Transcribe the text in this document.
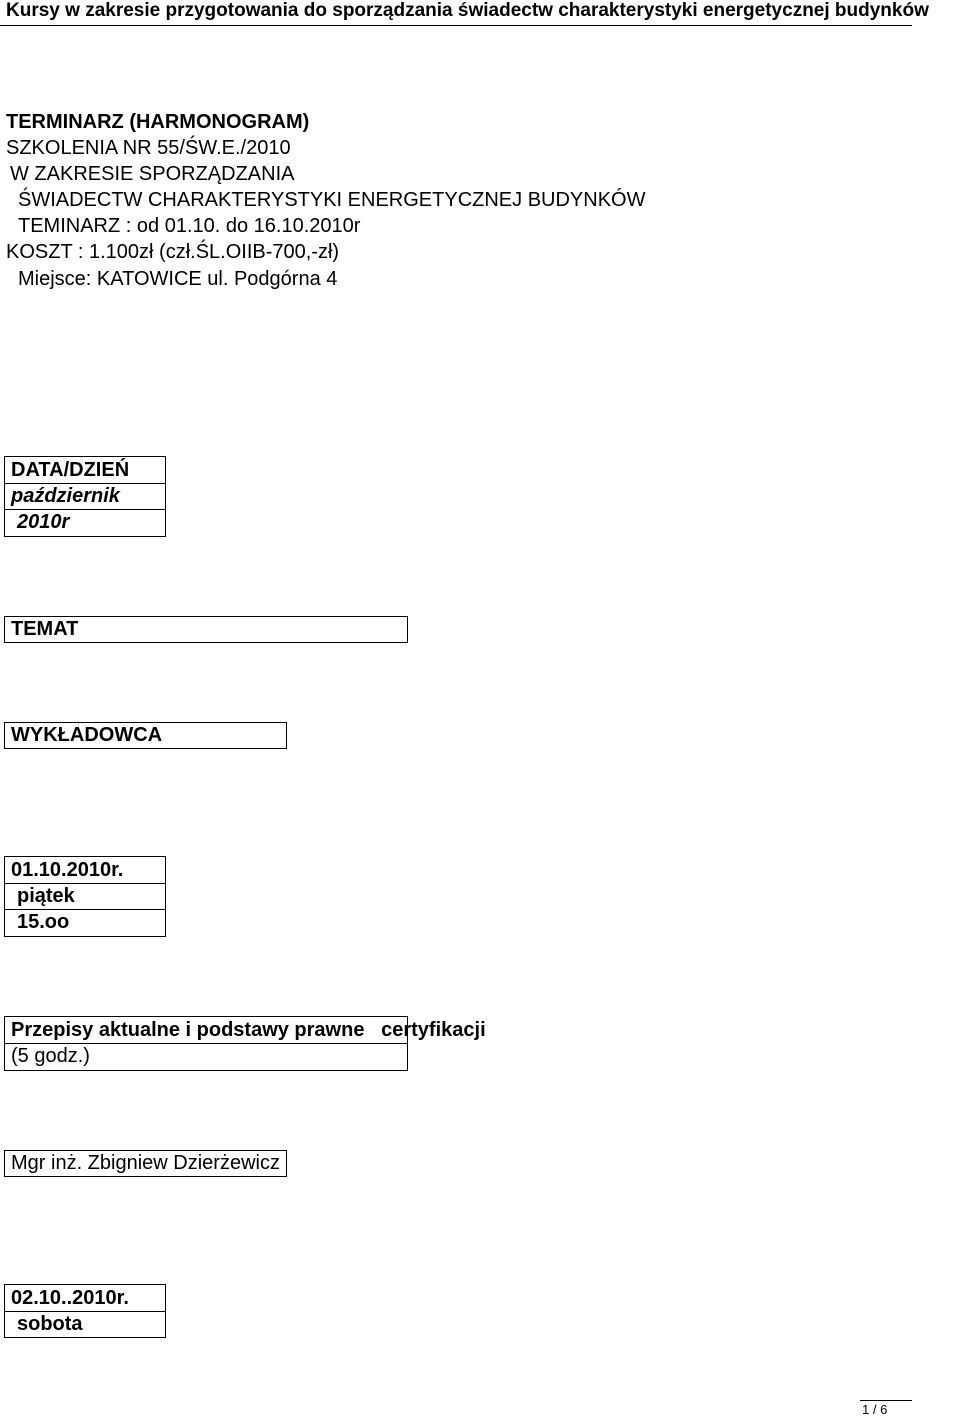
Kursy w zakresie przygotowania do sporządzania świadectw charakterystyki energetycznej budynków
TERMINARZ (HARMONOGRAM)
SZKOLENIA NR 55/ŚW.E./2010
W ZAKRESIE SPORZĄDZANIA
ŚWIADECTW CHARAKTERYSTYKI ENERGETYCZNEJ BUDYNKÓW
TEMINARZ : od 01.10. do 16.10.2010r
KOSZT : 1.100zł (czł.ŚL.OIIB-700,-zł)
Miejsce: KATOWICE ul. Podgórna 4
DATA/DZIEŃ
październik
2010r
TEMAT
WYKŁADOWCA
01.10.2010r.
piątek
15.oo
Przepisy aktualne i podstawy prawne   certyfikacji
(5 godz.)
Mgr inż. Zbigniew Dzierżewicz
02.10..2010r.
sobota
1 / 6
